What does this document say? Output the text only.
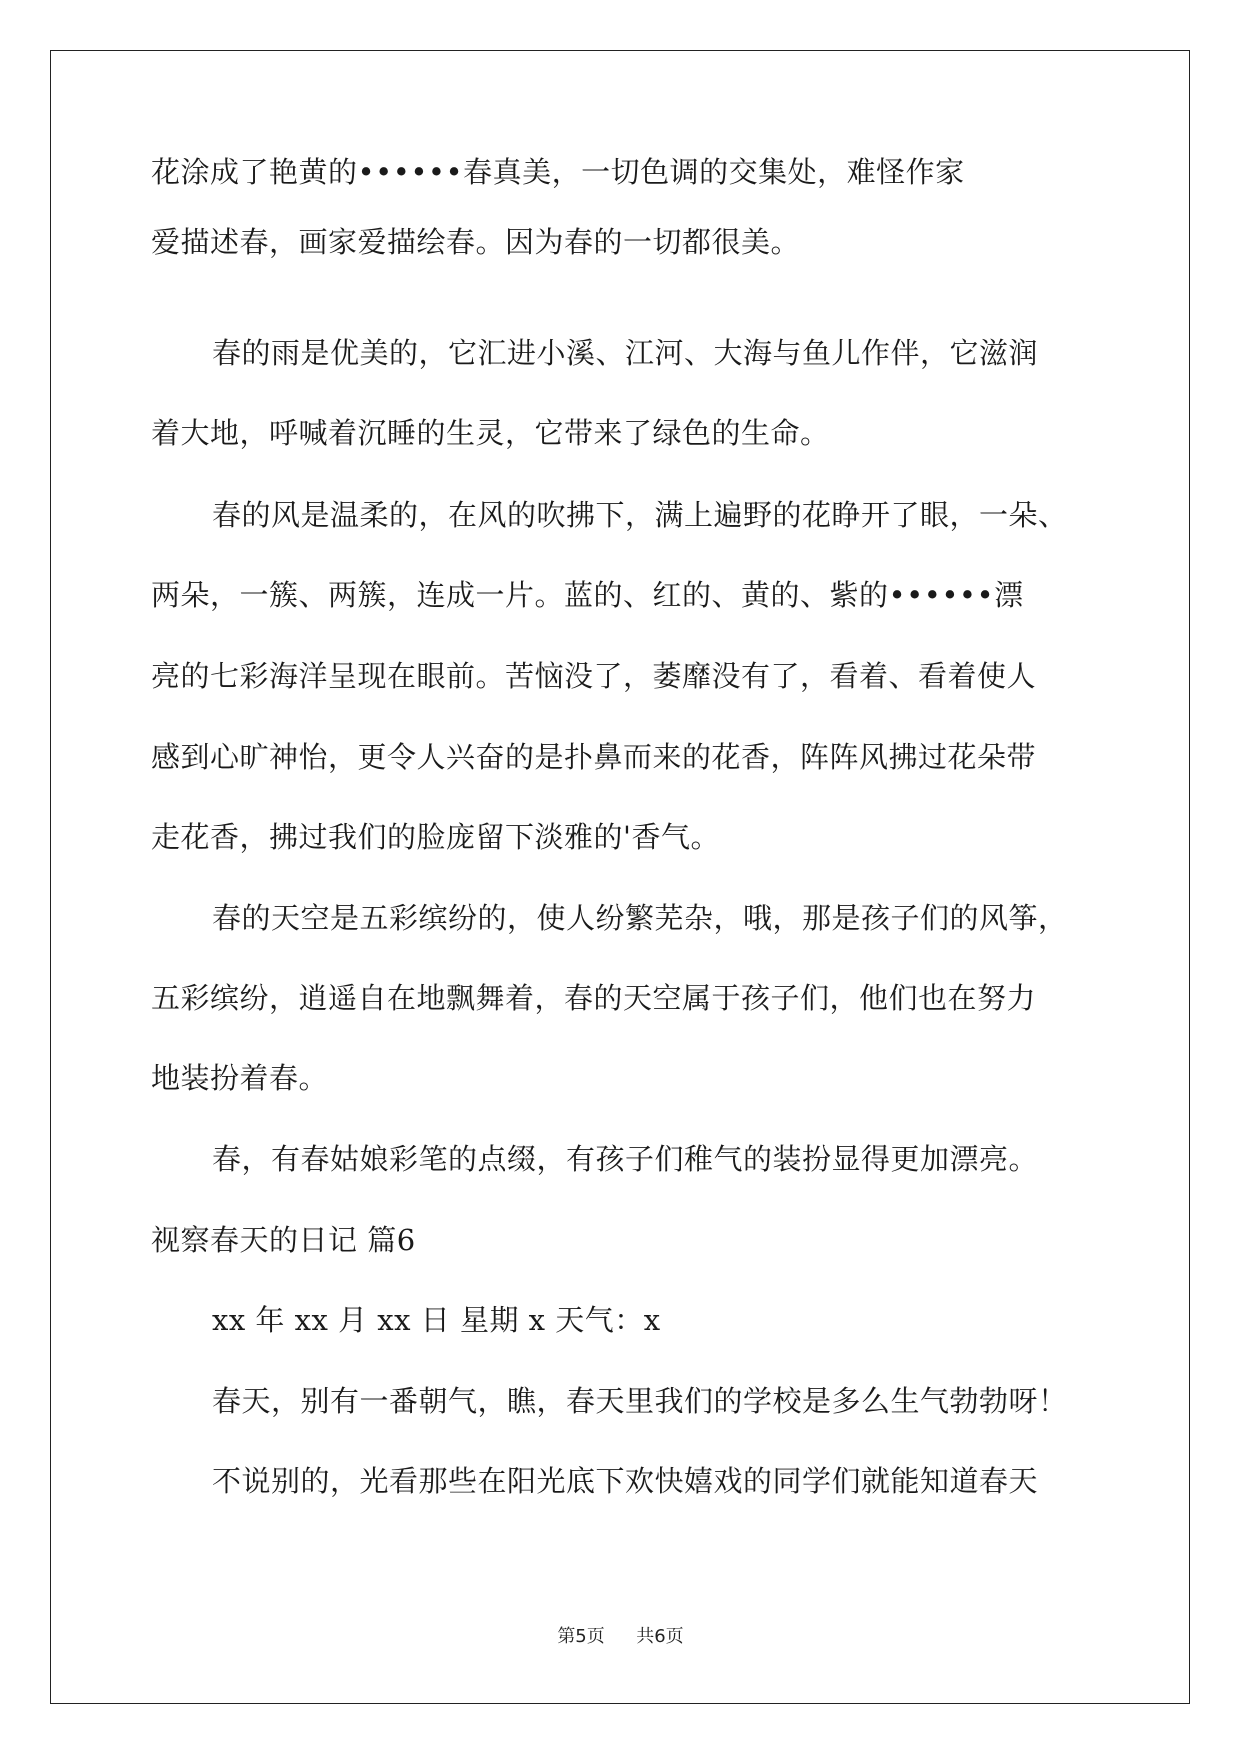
花涂成了艳黄的••••••春真美，一切色调的交集处，难怪作家
爱描述春，画家爱描绘春。因为春的一切都很美。
春的雨是优美的，它汇进小溪、江河、大海与鱼儿作伴，它滋润
着大地，呼喊着沉睡的生灵，它带来了绿色的生命。
春的风是温柔的，在风的吹拂下，满上遍野的花睁开了眼，一朵、
两朵，一簇、两簇，连成一片。蓝的、红的、黄的、紫的••••••漂
亮的七彩海洋呈现在眼前。苦恼没了，萎靡没有了，看着、看着使人
感到心旷神怡，更令人兴奋的是扑鼻而来的花香，阵阵风拂过花朵带
走花香，拂过我们的脸庞留下淡雅的'香气。
春的天空是五彩缤纷的，使人纷繁芜杂，哦，那是孩子们的风筝，
五彩缤纷，逍遥自在地飘舞着，春的天空属于孩子们，他们也在努力
地装扮着春。
春，有春姑娘彩笔的点缀，有孩子们稚气的装扮显得更加漂亮。
视察春天的日记 篇6
xx 年 xx 月 xx 日 星期 x 天气：x
春天，别有一番朝气，瞧，春天里我们的学校是多么生气勃勃呀！
不说别的，光看那些在阳光底下欢快嬉戏的同学们就能知道春天
第5页 共6页
